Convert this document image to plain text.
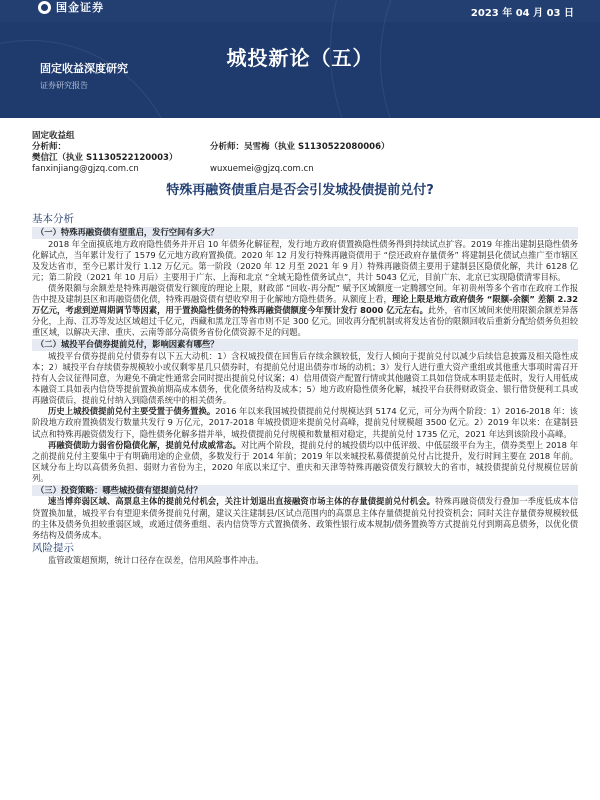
国金证券	2023 年 04 月 03 日
城投新论（五）
固定收益深度研究
证券研究报告
固定收益组
分析师：樊信江（执业 S1130522120003）
分析师：吴雪梅（执业 S1130522080006）
fanxinjiang@gjzq.com.cn	wuxuemei@gjzq.com.cn
特殊再融资债重启是否会引发城投债提前兑付?
基本分析
（一）特殊再融资债有望重启，发行空间有多大？

2018 年全面摸底地方政府隐性债务并开启 10 年债务化解征程，发行地方政府债置换隐性债务得到持续试点扩容。2019 年推出建制县隐性债务化解试点，当年累计发行了 1579 亿元地方政府置换债。2020 年 12 月发行特殊再融资债用于 “偿还政府存量债务” 将建制县化债试点推广至市辖区及发达省市，至今已累计发行 1.12 万亿元。第一阶段（2020 年 12 月至 2021 年 9 月）特殊再融资债主要用于建制县区隐债化解，共计 6128 亿元；第二阶段（2021 年 10 月后）主要用于广东、上海和北京 “全域无隐性债务试点”，共计 5043 亿元，目前广东、北京已实现隐债清零目标。

债务限额与余额差是特殊再融资债发行额度的理论上限，财政部 “回收-再分配” 赋予区域额度一定腾挪空间。年初贵州等多个省市在政府工作报告中提及建制县区和再融资债化债，特殊再融资债有望收窄用于化解地方隐性债务。从额度上看，理论上限是地方政府债务 “限额-余额” 差额 2.32 万亿元，考虑到逆周期调节等因素，用于置换隐性债务的特殊再融资债额度今年预计发行 8000 亿元左右。此外，省市区域间来使用限额余额差异落分化，上海、江苏等发达区域超过千亿元，西藏和黑龙江等省市则不足 300 亿元。回收再分配机制或将发达省份的限额回收后重新分配给债务负担较重区域，以解决天津、重庆、云南等部分高债务省份化债资源不足的问题。

（二）城投平台债券提前兑付，影响因素有哪些？

城投平台债券提前兑付债券有以下五大动机：1）含权城投债在回售后存续余额较低，发行人倾向于提前兑付以减少后续信息披露及相关隐性成本；2）城投平台存续债券规模较小或仅剩零星几只债券时，有提前兑付退出债券市场的动机；3）发行人进行重大资产重组或其他重大事项时需召开持有人会议征得同意，为避免不确定性通常会同时提出提前兑付议案；4）信用债资产配置行情或其他融资工具如信贷成本明显走低时，发行人用低成本融资工具如表内信贷等提前置换前期高成本债务，优化债务结构及成本；5）地方政府隐性债务化解，城投平台获得财政资金、银行借贷便利工具或再融资债后，提前兑付纳入到隐债系统中的相关债务。

历史上城投债提前兑付主要受置于债务置换。2016 年以来我国城投债提前兑付规模达到 5174 亿元，可分为两个阶段：1）2016-2018 年：该阶段地方政府置换债发行数量共发行 9 万亿元，2017-2018 年城投债迎来提前兑付高峰，提前兑付规模超 3500 亿元。2）2019 年以来：在建制县试点和特殊再融资债发行下，隐性债务化解多措并举，城投债提前兑付规模和数量相对稳定，共提前兑付 1735 亿元，2021 年达到该阶段小高峰。

再融资债助力弱省份隐债化解，提前兑付成威常态。对比两个阶段，提前兑付的城投债均以中低评级、中低层级平台为主，债券类型上 2018 年之前提前兑付主要集中于有明确用途的企业债，多数发行于 2014 年前；2019 年以来城投私募债提前兑付占比提升，发行时间主要在 2018 年前。区域分布上均以高债务负担、弱财力省份为主，2020 年底以来辽宁、重庆和天津等特殊再融资债发行额较大的省市，城投债提前兑付规模位居前列。

（三）投资策略：哪些城投债有望提前兑付？

速当博弈弱区域、高票息主体的提前兑付机会，关注计划退出直接融资市场主体的存量债提前兑付机会。特殊再融资债发行叠加一季度低成本信贷置换加量，城投平台有望迎来债务提前兑付潮，建议关注建制县/区试点范围内的高票息主体存量债提前兑付投资机会；同时关注存量债券规模较低的主体及债务负担较重弱区域，或通过债务重组、表内信贷等方式置换债务、政策性银行成本规制/债务置换等方式提前兑付到期高息债务，以优化债务结构及债务成本。

风险提示

监管政策超预期，统计口径存在误差，信用风险事件冲击。
